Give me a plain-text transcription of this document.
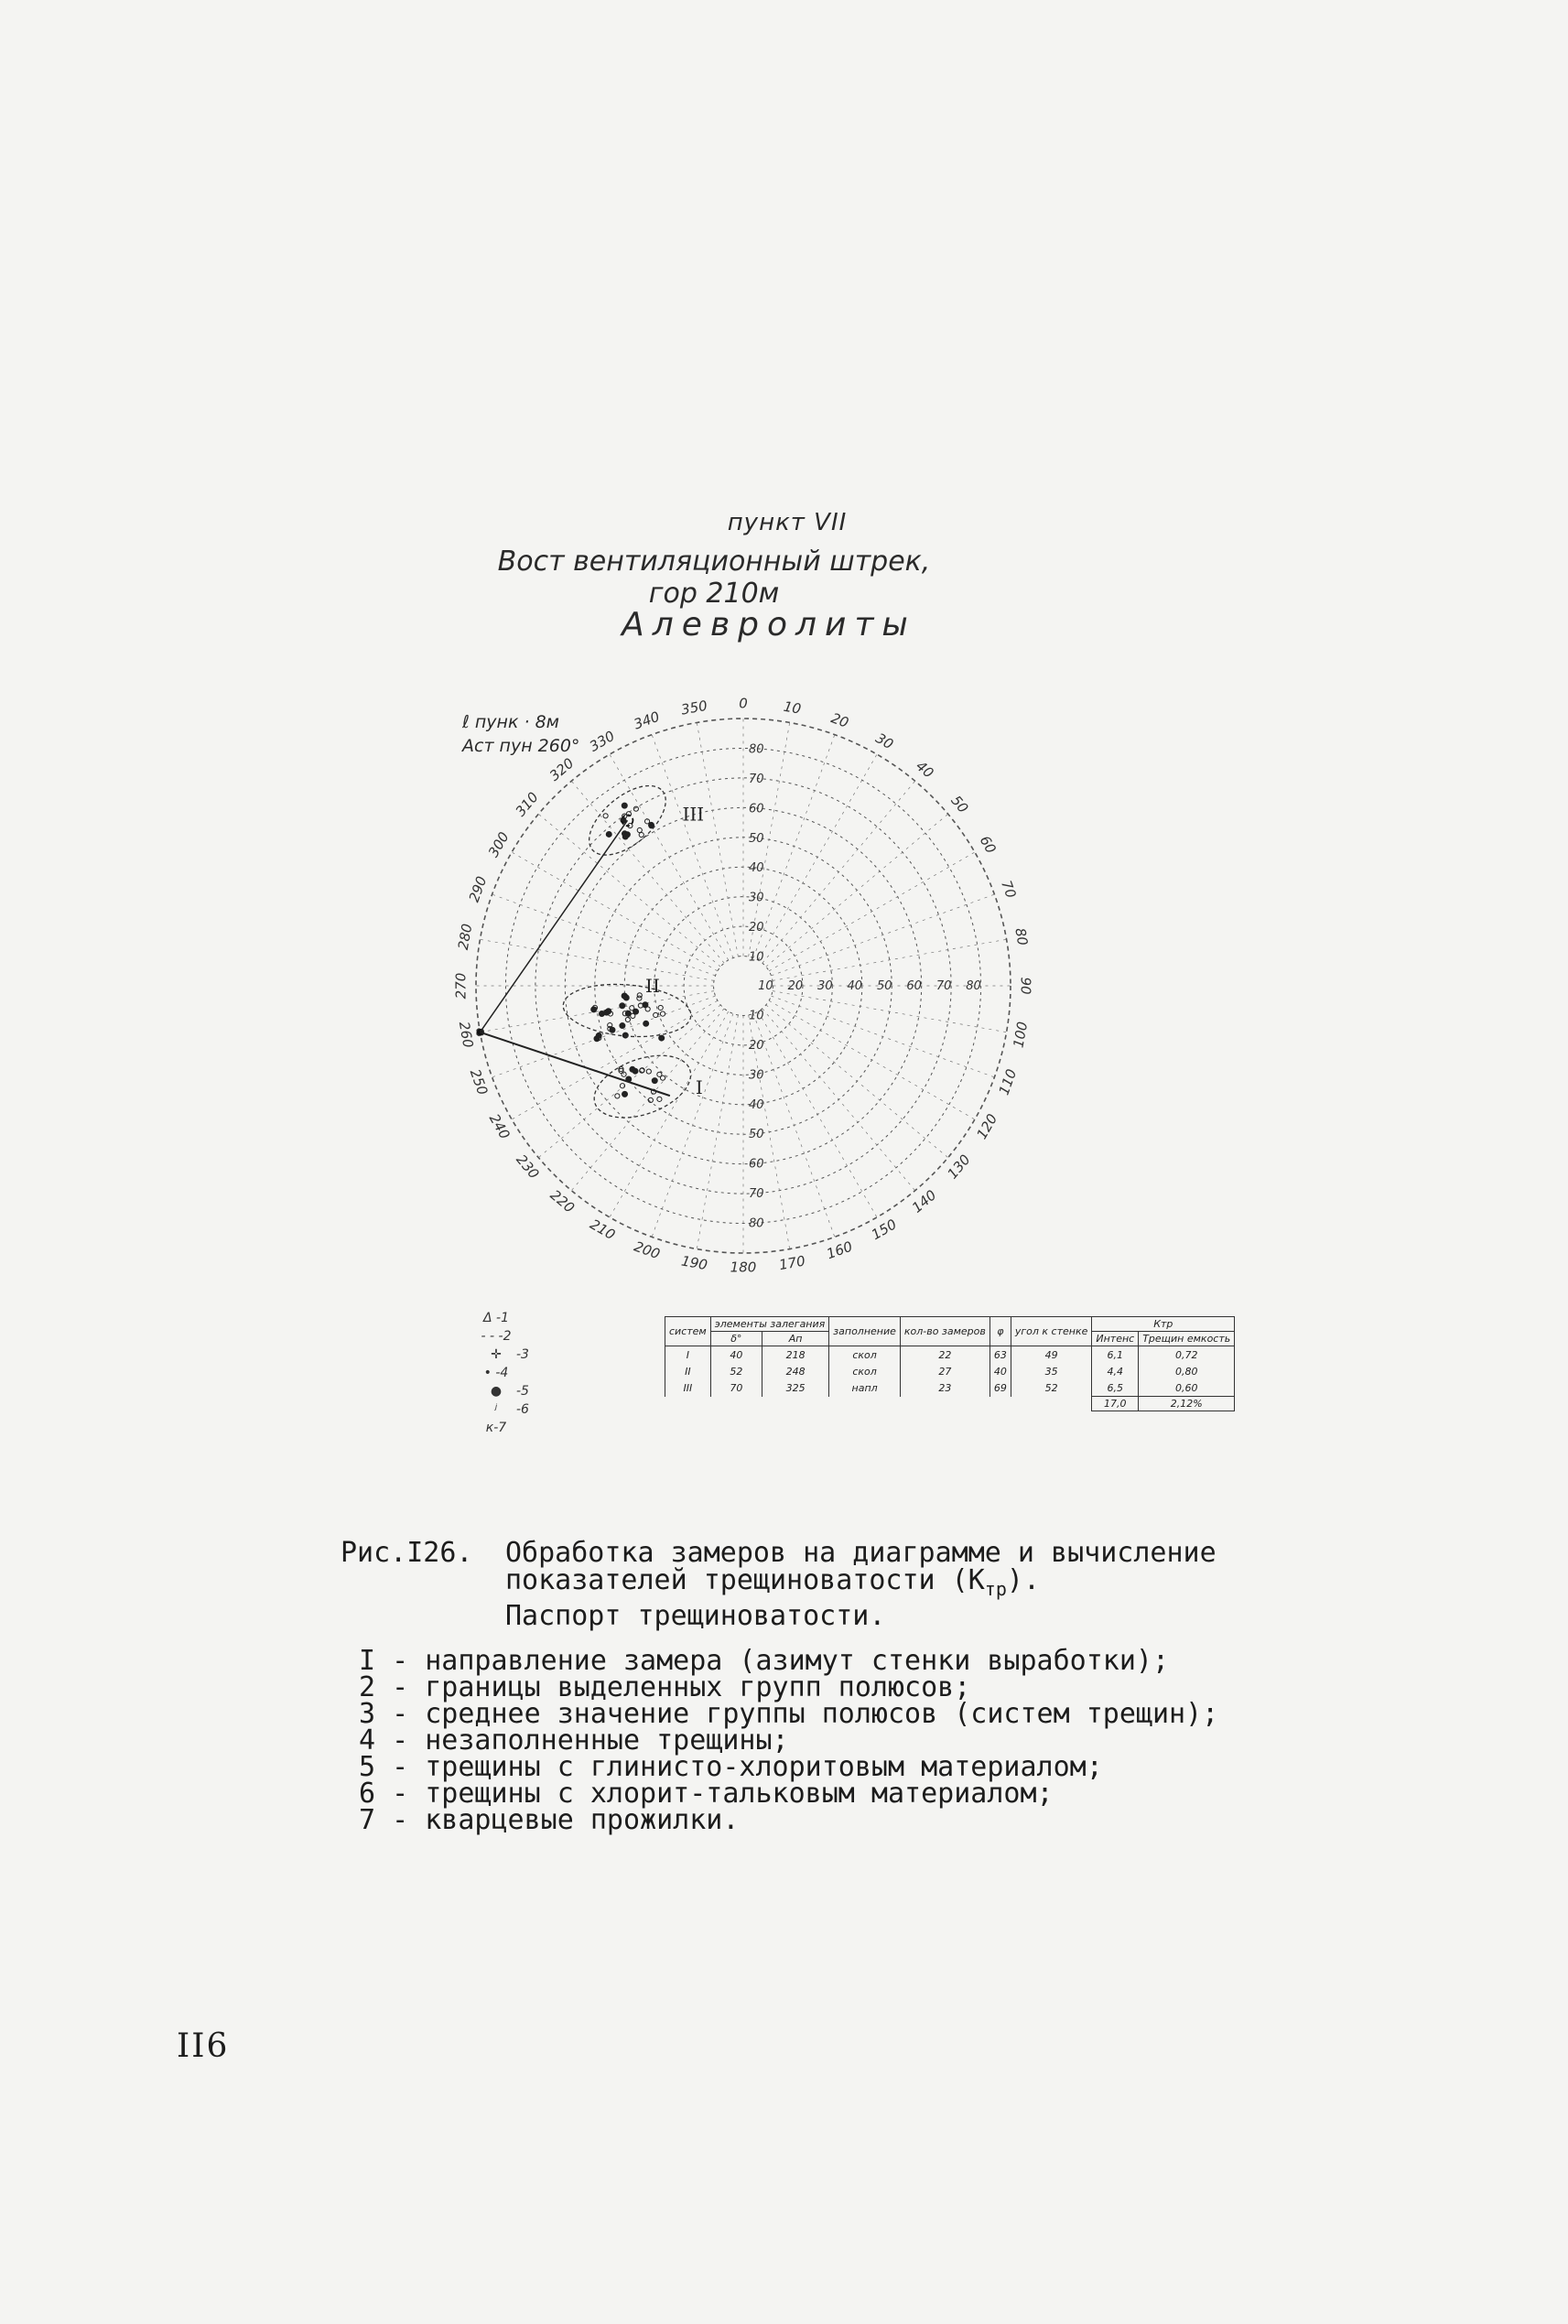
пункт VII
Вост вентиляционный штрек, гор 210м
Алевролиты
ℓ пунк · 8м
Аст пун 260°
0	10
20
30
40
50
60
70
80
90
100
110
120
130
140
150
160
170
180
190
200
210
220
230
240
250
260
270
280
290
300
310
320
330
340
350
10
10
10
20
20
20
30
30
30
40
40
40
50
50
50
60
60
60
70
70
70
80
80
80
I
II
III
Δ -1
- - -2
✛	-3
• -4
●	-5
ʲ	-6
к-7
систем	элементы залегания		заполнение	кол-во замеров	φ	угол к стенке	Ктр	
	δ°	Ап					Интенс	Трещин емкость
I	40	218	скол	22	63	49	6,1	0,72
II	52	248	скол	27	40	35	4,4	0,80
III	70	325	напл	23	69	52	6,5	0,60
							17,0	2,12%
Рис.I26. Обработка замеров на диаграмме и вычисление
показателей трещиноватости $(К_{тр})$.
Паспорт трещиноватости.
I - направление замера (азимут стенки выработки);
2 - границы выделенных групп полюсов;
3 - среднее значение группы полюсов (систем трещин);
4 - незаполненные трещины;
5 - трещины с глинисто-хлоритовым материалом;
6 - трещины с хлорит-тальковым материалом;
7 - кварцевые прожилки.
II6
